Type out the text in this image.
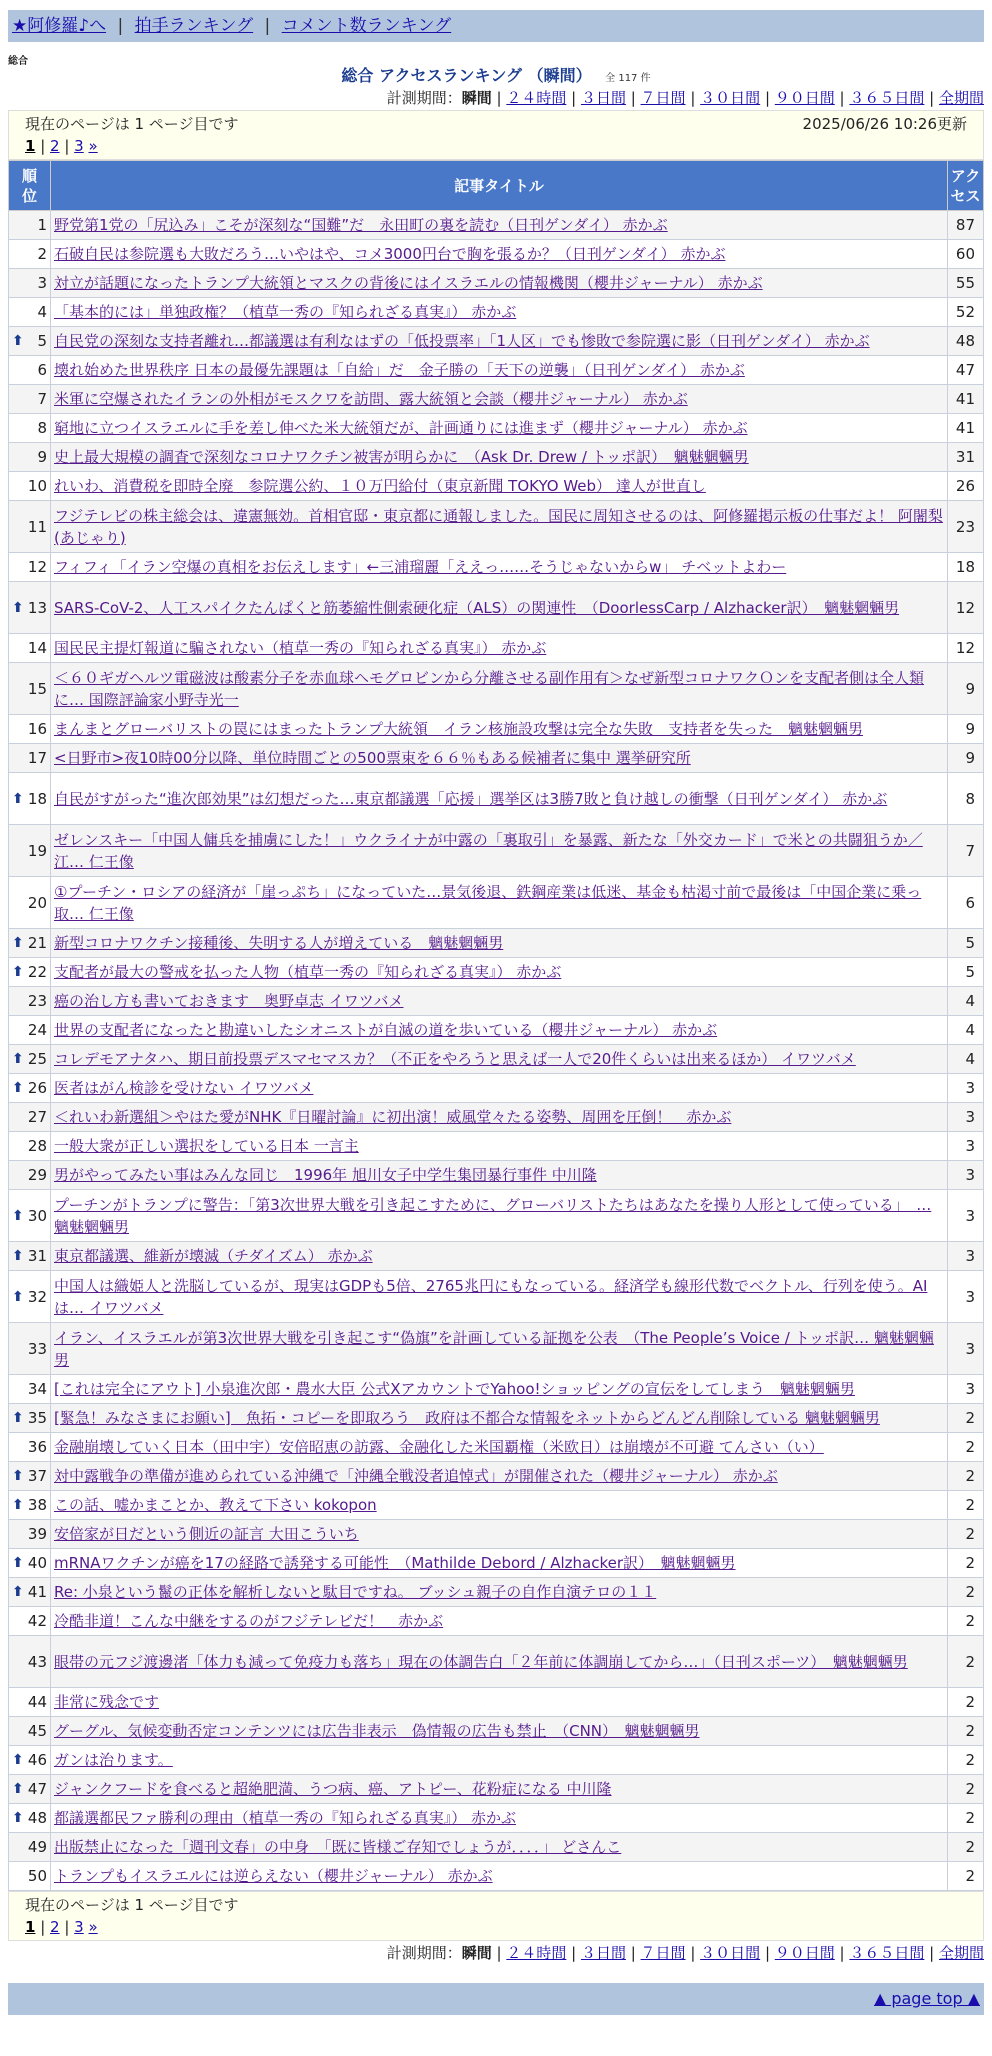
★阿修羅♪へ | 拍手ランキング | コメント数ランキング
総合
総合 アクセスランキング （瞬間） 全 117 件
計測期間：瞬間 | ２４時間 | ３日間 | ７日間 | ３０日間 | ９０日間 | ３６５日間 | 全期間
現在のページは 1 ページ目です	2025/06/26 10:26更新
1 | 2 | 3 »
順
位	記事タイトル	アク
セス
1	野党第1党の「尻込み」こそが深刻な“国難”だ　永田町の裏を読む（日刊ゲンダイ） 赤かぶ	87
2	石破自民は参院選も大敗だろう…いやはや、コメ3000円台で胸を張るか？（日刊ゲンダイ） 赤かぶ	60
3	対立が話題になったトランプ大統領とマスクの背後にはイスラエルの情報機関（櫻井ジャーナル） 赤かぶ	55
4	「基本的には」単独政権？（植草一秀の『知られざる真実』） 赤かぶ	52

⬆ 5	自民党の深刻な支持者離れ…都議選は有利なはずの「低投票率」「1人区」でも惨敗で参院選に影（日刊ゲンダイ） 赤かぶ	48
6	壊れ始めた世界秩序 日本の最優先課題は「自給」だ　金子勝の「天下の逆襲」（日刊ゲンダイ） 赤かぶ	47
7	米軍に空爆されたイランの外相がモスクワを訪問、露大統領と会談（櫻井ジャーナル） 赤かぶ	41
8	窮地に立つイスラエルに手を差し伸べた米大統領だが、計画通りには進まず（櫻井ジャーナル） 赤かぶ	41
9	史上最大規模の調査で深刻なコロナワクチン被害が明らかに　（Ask Dr. Drew / トッポ訳）　魑魅魍魎男	31
10	れいわ、消費税を即時全廃　参院選公約、１０万円給付（東京新聞 TOKYO Web） 達人が世直し	26
11	フジテレビの株主総会は、違憲無効。首相官邸・東京都に通報しました。国民に周知させるのは、阿修羅掲示板の仕事だよ！ 阿闍梨(あじゃり)	23
12	フィフィ「イラン空爆の真相をお伝えします」←三浦瑠麗「ええっ……そうじゃないからw」 チベットよわー	18

⬆ 13	SARS-CoV-2、人工スパイクたんぱくと筋萎縮性側索硬化症（ALS）の関連性　（DoorlessCarp / Alzhacker訳）　魑魅魍魎男	12
14	国民民主提灯報道に騙されない（植草一秀の『知られざる真実』） 赤かぶ	12
15	＜６０ギガヘルツ電磁波は酸素分子を赤血球ヘモグロビンから分離させる副作用有＞なぜ新型コロナワクＯンを支配者側は全人類に… 国際評論家小野寺光一	9
16	まんまとグローバリストの罠にはまったトランプ大統領　イラン核施設攻撃は完全な失敗　支持者を失った　魑魅魍魎男	9
17	<日野市>夜10時00分以降、単位時間ごとの500票束を６６％もある候補者に集中 選挙研究所	9

⬆ 18	自民がすがった“進次郎効果”は幻想だった…東京都議選「応援」選挙区は3勝7敗と負け越しの衝撃（日刊ゲンダイ） 赤かぶ	8
19	ゼレンスキー「中国人傭兵を捕虜にした！」ウクライナが中露の「裏取引」を暴露、新たな「外交カード」で米との共闘狙うか／江… 仁王像	7
20	①プーチン・ロシアの経済が「崖っぷち」になっていた…景気後退、鉄鋼産業は低迷、基金も枯渇寸前で最後は「中国企業に乗っ取… 仁王像	6

⬆ 21	新型コロナワクチン接種後、失明する人が増えている　魑魅魍魎男	5

⬆ 22	支配者が最大の警戒を払った人物（植草一秀の『知られざる真実』） 赤かぶ	5
23	癌の治し方も書いておきます　奥野卓志 イワツバメ	4
24	世界の支配者になったと勘違いしたシオニストが自滅の道を歩いている（櫻井ジャーナル） 赤かぶ	4

⬆ 25	コレデモアナタハ、期日前投票デスマセマスカ？（不正をやろうと思えば一人で20件くらいは出来るほか） イワツバメ	4

⬆ 26	医者はがん検診を受けない イワツバメ	3
27	＜れいわ新選組＞やはた愛がNHK『日曜討論』に初出演！威風堂々たる姿勢、周囲を圧倒！　赤かぶ	3
28	一般大衆が正しい選択をしている日本 一言主	3
29	男がやってみたい事はみんな同じ　1996年 旭川女子中学生集団暴行事件 中川隆	3

⬆ 30	プーチンがトランプに警告：「第3次世界大戦を引き起こすために、グローバリストたちはあなたを操り人形として使っている」　… 魑魅魍魎男	3

⬆ 31	東京都議選、維新が壊滅（チダイズム） 赤かぶ	3

⬆ 32	中国人は織姫人と洗脳しているが、現実はGDPも5倍、2765兆円にもなっている。経済学も線形代数でベクトル、行列を使う。AIは… イワツバメ	3
33	イラン、イスラエルが第3次世界大戦を引き起こす“偽旗”を計画している証拠を公表　（The People’s Voice / トッポ訳… 魑魅魍魎男	3
34	[これは完全にアウト] 小泉進次郎・農水大臣 公式XアカウントでYahoo!ショッピングの宣伝をしてしまう　魑魅魍魎男	3

⬆ 35	[緊急！みなさまにお願い]　魚拓・コピーを即取ろう　政府は不都合な情報をネットからどんどん削除している 魑魅魍魎男	2
36	金融崩壊していく日本（田中宇）安倍昭恵の訪露、金融化した米国覇権（米欧日）は崩壊が不可避 てんさい（い）	2

⬆ 37	対中露戦争の準備が進められている沖縄で「沖縄全戦没者追悼式」が開催された（櫻井ジャーナル） 赤かぶ	2

⬆ 38	この話、嘘かまことか、教えて下さい kokopon	2
39	安倍家が日だという側近の証言 大田こういち	2

⬆ 40	mRNAワクチンが癌を17の経路で誘発する可能性　（Mathilde Debord / Alzhacker訳）　魑魅魍魎男	2

⬆ 41	Re: 小泉という鬣の正体を解析しないと駄目ですね。 ブッシュ親子の自作自演テロの１１	2
42	冷酷非道！こんな中継をするのがフジテレビだ！　赤かぶ	2
43	眼帯の元フジ渡邊渚「体力も減って免疫力も落ち」現在の体調告白「２年前に体調崩してから…」（日刊スポーツ）　魑魅魍魎男	2
44	非常に残念です	2
45	グーグル、気候変動否定コンテンツには広告非表示　偽情報の広告も禁止　（CNN）　魑魅魍魎男	2

⬆ 46	ガンは治ります。	2

⬆ 47	ジャンクフードを食べると超絶肥満、うつ病、癌、アトピー、花粉症になる 中川隆	2

⬆ 48	都議選都民ファ勝利の理由（植草一秀の『知られざる真実』） 赤かぶ	2
49	出版禁止になった「週刊文春」の中身　「既に皆様ご存知でしょうが．．．．」 どさんこ	2
50	トランプもイスラエルには逆らえない（櫻井ジャーナル） 赤かぶ	2
現在のページは 1 ページ目です
1 | 2 | 3 »
計測期間：瞬間 | ２４時間 | ３日間 | ７日間 | ３０日間 | ９０日間 | ３６５日間 | 全期間
▲ page top ▲
